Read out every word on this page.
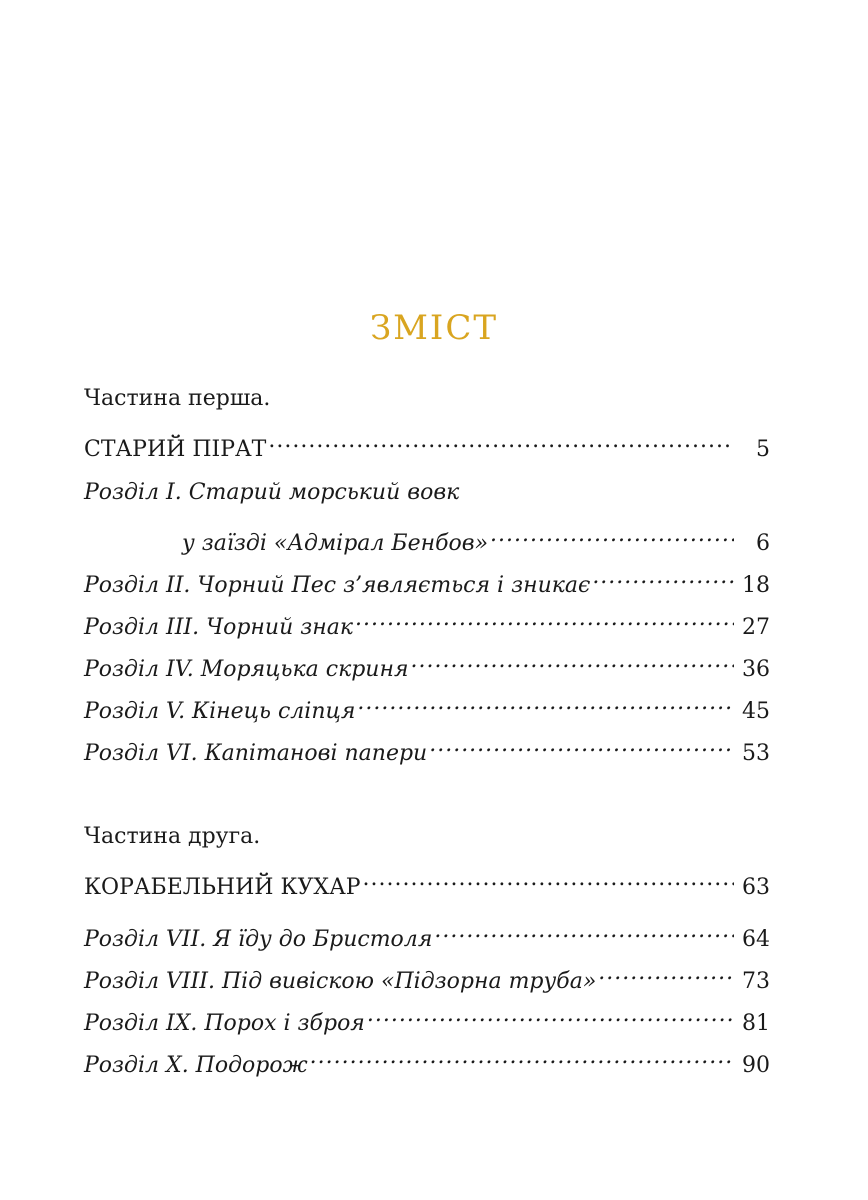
ЗМІСТ
Частина перша.
СТАРИЙ ПІРАТ .....	5
Розділ І. Старий морський вовк
у заїзді «Адмірал Бенбов» .....	6
Розділ ІІ. Чорний Пес з’являється і зникає .....	18
Розділ ІІІ. Чорний знак .....	27
Розділ IV. Моряцька скриня .....	36
Розділ V. Кінець сліпця .....	45
Розділ VI. Капітанові папери .....	53
Частина друга.
КОРАБЕЛЬНИЙ КУХАР .....	63
Розділ VII. Я їду до Бристоля .....	64
Розділ VIII. Під вивіскою «Підзорна труба» .....	73
Розділ IX. Порох і зброя .....	81
Розділ Х. Подорож .....	90
